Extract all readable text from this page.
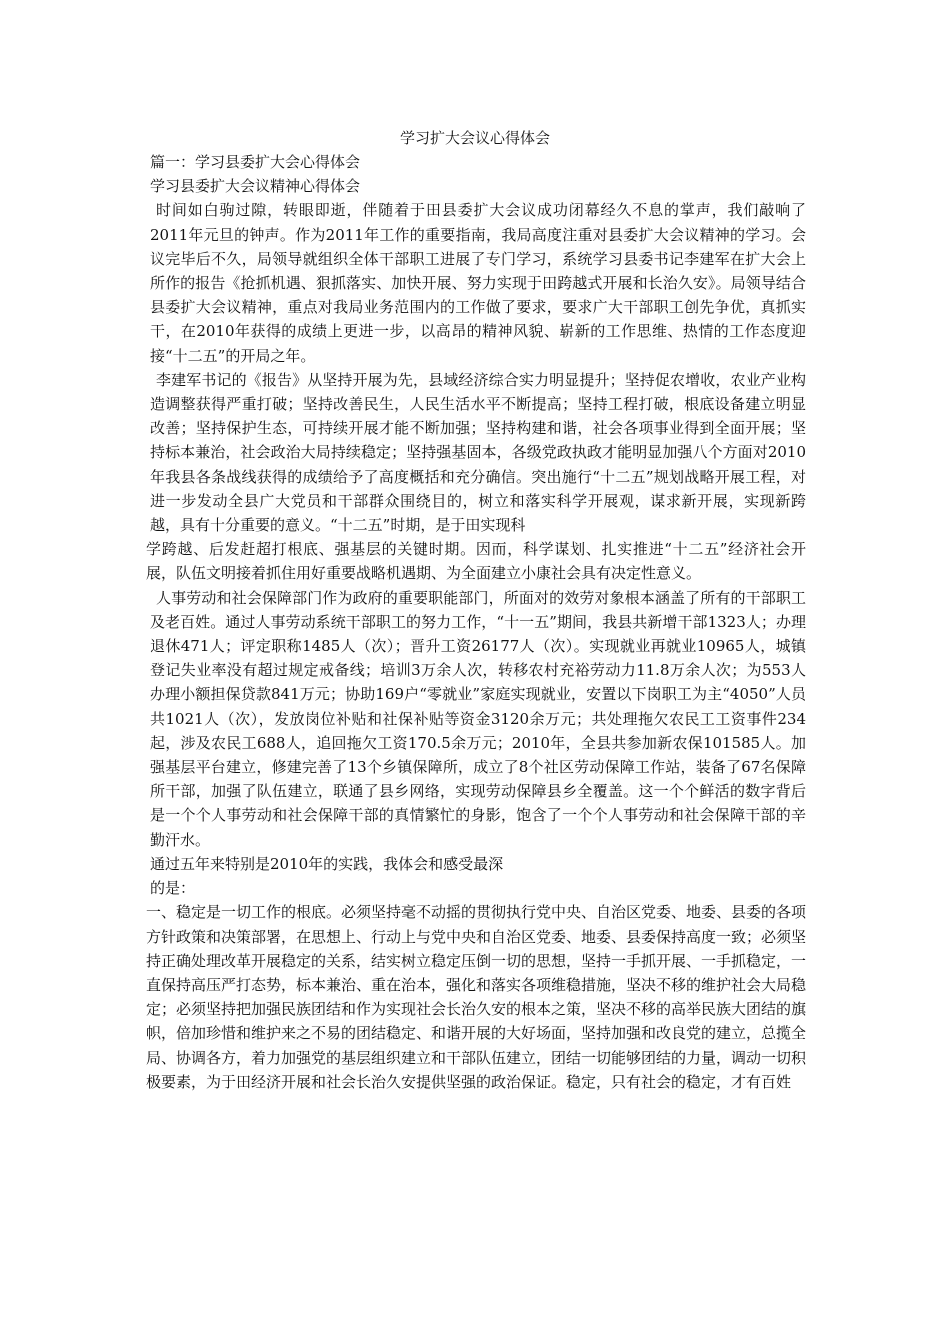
学习扩大会议心得体会

篇一：学习县委扩大会心得体会

学习县委扩大会议精神心得体会

时间如白驹过隙，转眼即逝，伴随着于田县委扩大会议成功闭幕经久不息的掌声，我们敲响了2011年元旦的钟声。作为2011年工作的重要指南，我局高度注重对县委扩大会议精神的学习。会议完毕后不久，局领导就组织全体干部职工进展了专门学习，系统学习县委书记李建军在扩大会上所作的报告《抢抓机遇、狠抓落实、加快开展、努力实现于田跨越式开展和长治久安》。局领导结合县委扩大会议精神，重点对我局业务范围内的工作做了要求，要求广大干部职工创先争优，真抓实干，在2010年获得的成绩上更进一步，以高昂的精神风貌、崭新的工作思维、热情的工作态度迎接“十二五”的开局之年。

李建军书记的《报告》从坚持开展为先，县域经济综合实力明显提升；坚持促农增收，农业产业构造调整获得严重打破；坚持改善民生，人民生活水平不断提高；坚持工程打破，根底设备建立明显改善；坚持保护生态，可持续开展才能不断加强；坚持构建和谐，社会各项事业得到全面开展；坚持标本兼治，社会政治大局持续稳定；坚持强基固本，各级党政执政才能明显加强八个方面对2010年我县各条战线获得的成绩给予了高度概括和充分确信。突出施行“十二五”规划战略开展工程，对进一步发动全县广大党员和干部群众围绕目的，树立和落实科学开展观，谋求新开展，实现新跨越，具有十分重要的意义。“十二五”时期，是于田实现科

学跨越、后发赶超打根底、强基层的关键时期。因而，科学谋划、扎实推进“十二五”经济社会开展，队伍文明接着抓住用好重要战略机遇期、为全面建立小康社会具有决定性意义。

人事劳动和社会保障部门作为政府的重要职能部门，所面对的效劳对象根本涵盖了所有的干部职工及老百姓。通过人事劳动系统干部职工的努力工作，“十一五”期间，我县共新增干部1323人；办理退休471人；评定职称1485人（次）；晋升工资26177人（次）。实现就业再就业10965人，城镇登记失业率没有超过规定戒备线；培训3万余人次，转移农村充裕劳动力11.8万余人次；为553人办理小额担保贷款841万元；协助169户“零就业”家庭实现就业，安置以下岗职工为主“4050”人员共1021人（次），发放岗位补贴和社保补贴等资金3120余万元；共处理拖欠农民工工资事件234起，涉及农民工688人，追回拖欠工资170.5余万元；2010年，全县共参加新农保101585人。加强基层平台建立，修建完善了13个乡镇保障所，成立了8个社区劳动保障工作站，装备了67名保障所干部，加强了队伍建立，联通了县乡网络，实现劳动保障县乡全覆盖。这一个个鲜活的数字背后是一个个人事劳动和社会保障干部的真情繁忙的身影，饱含了一个个人事劳动和社会保障干部的辛勤汗水。

通过五年来特别是2010年的实践，我体会和感受最深

的是：

一、稳定是一切工作的根底。必须坚持毫不动摇的贯彻执行党中央、自治区党委、地委、县委的各项方针政策和决策部署，在思想上、行动上与党中央和自治区党委、地委、县委保持高度一致；必须坚持正确处理改革开展稳定的关系，结实树立稳定压倒一切的思想，坚持一手抓开展、一手抓稳定，一直保持高压严打态势，标本兼治、重在治本，强化和落实各项维稳措施，坚决不移的维护社会大局稳定；必须坚持把加强民族团结和作为实现社会长治久安的根本之策，坚决不移的高举民族大团结的旗帜，倍加珍惜和维护来之不易的团结稳定、和谐开展的大好场面，坚持加强和改良党的建立，总揽全局、协调各方，着力加强党的基层组织建立和干部队伍建立，团结一切能够团结的力量，调动一切积极要素，为于田经济开展和社会长治久安提供坚强的政治保证。稳定，只有社会的稳定，才有百姓
